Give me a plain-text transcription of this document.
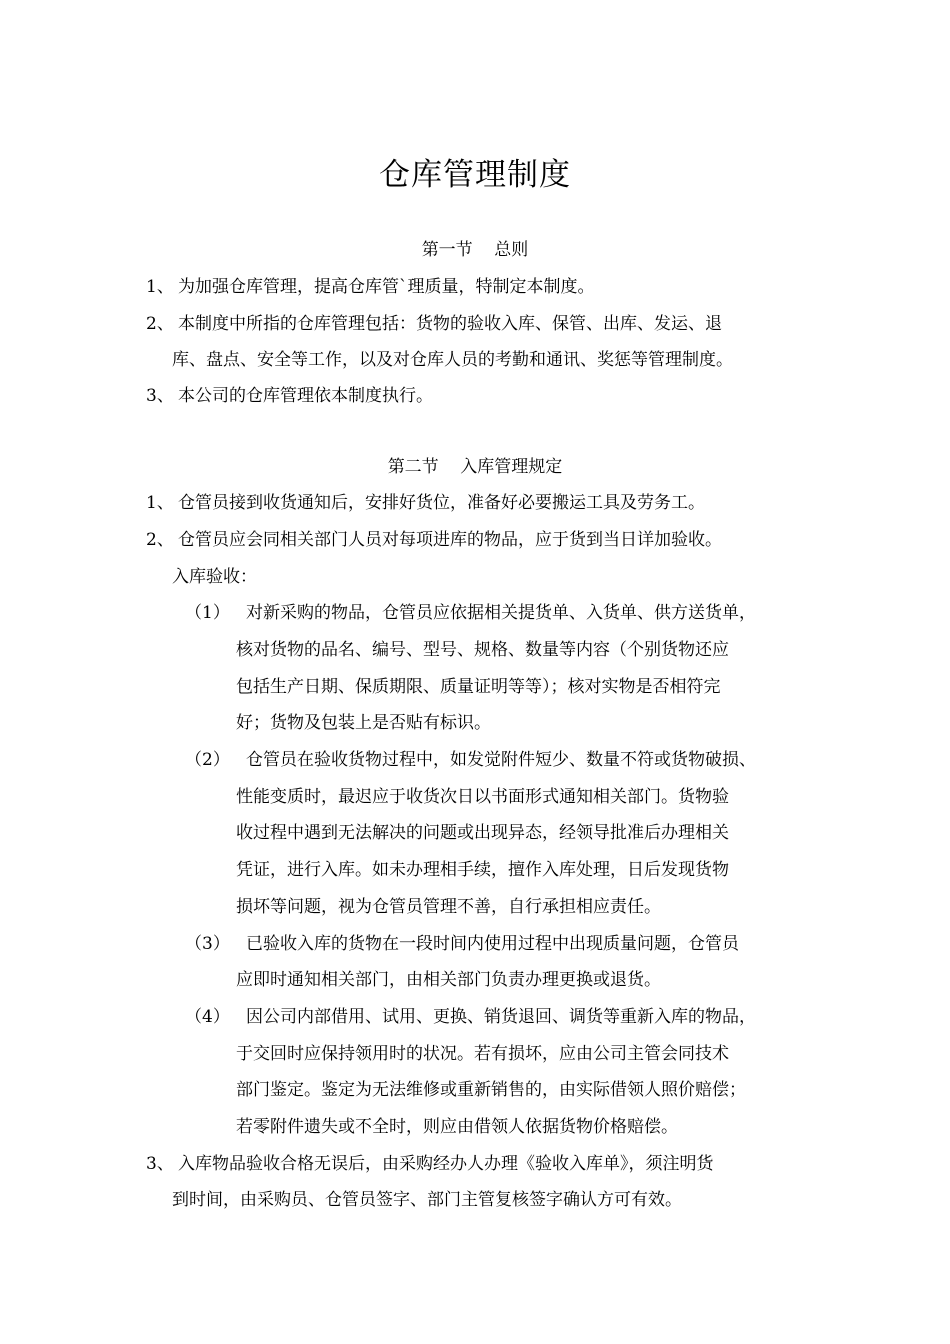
仓库管理制度
第一节    总则
1、 为加强仓库管理，提高仓库管`理质量，特制定本制度。
2、 本制度中所指的仓库管理包括：货物的验收入库、保管、出库、发运、退
库、盘点、安全等工作，以及对仓库人员的考勤和通讯、奖惩等管理制度。
3、 本公司的仓库管理依本制度执行。
第二节    入库管理规定
1、 仓管员接到收货通知后，安排好货位，准备好必要搬运工具及劳务工。
2、 仓管员应会同相关部门人员对每项进库的物品，应于货到当日详加验收。
入库验收：
（1） 对新采购的物品，仓管员应依据相关提货单、入货单、供方送货单，
核对货物的品名、编号、型号、规格、数量等内容（个别货物还应
包括生产日期、保质期限、质量证明等等）；核对实物是否相符完
好；货物及包装上是否贴有标识。
（2） 仓管员在验收货物过程中，如发觉附件短少、数量不符或货物破损、
性能变质时，最迟应于收货次日以书面形式通知相关部门。货物验
收过程中遇到无法解决的问题或出现异态，经领导批准后办理相关
凭证，进行入库。如未办理相手续，擅作入库处理，日后发现货物
损坏等问题，视为仓管员管理不善，自行承担相应责任。
（3） 已验收入库的货物在一段时间内使用过程中出现质量问题，仓管员
应即时通知相关部门，由相关部门负责办理更换或退货。
（4） 因公司内部借用、试用、更换、销货退回、调货等重新入库的物品，
于交回时应保持领用时的状况。若有损坏，应由公司主管会同技术
部门鉴定。鉴定为无法维修或重新销售的，由实际借领人照价赔偿；
若零附件遗失或不全时，则应由借领人依据货物价格赔偿。
3、 入库物品验收合格无误后，由采购经办人办理《验收入库单》，须注明货
到时间，由采购员、仓管员签字、部门主管复核签字确认方可有效。
